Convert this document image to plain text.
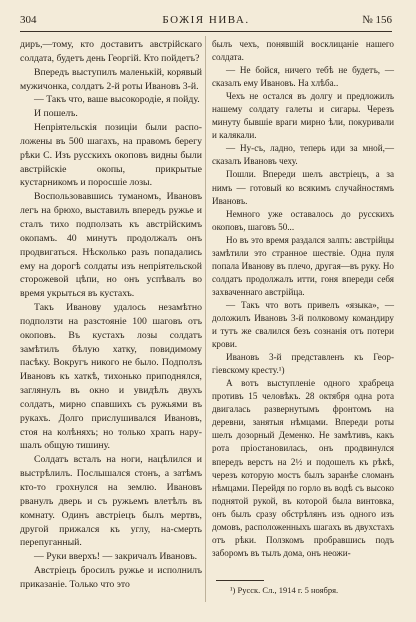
304	БОЖІЯ НИВА.	№ 156

диръ,—тому, кто доставитъ австрійскаго солдата, будетъ день Георгій. Кто пойдетъ?

Впередъ выступилъ маленькій, корявый мужичонка, солдатъ 2-й роты Ивановъ 3-й.

— Такъ что, ваше высокородіе, я пойду.

И пошелъ.

Непріятельскія позиціи были расположены въ 500 шагахъ, на правомъ берегу рѣки С. Изъ русскихъ окоповъ видны были австрійскіе окопы, прикрытые кустарникомъ и поросшіе лозы.

Воспользовавшись туманомъ, Ивановъ легъ на брюхо, выставилъ впередъ ружье и сталъ тихо подползать къ австрійскимъ окопамъ. 40 минутъ продолжалъ онъ продвигаться. Нѣсколько разъ попадались ему на дорогѣ солдаты изъ непріятельской сторожевой цѣпи, но онъ успѣвалъ во время укрыться въ кустахъ.

Такъ Иванову удалось незамѣтно подползти на разстояніе 100 шаговъ отъ окоповъ. Въ кустахъ лозы солдатъ замѣтилъ бѣлую хатку, повидимому пасѣку. Вокругъ никого не было. Подползъ Ивановъ къ хаткѣ, тихонько приподнялся, заглянулъ въ окно и увидѣлъ двухъ солдатъ, мирно спавшихъ съ ружьями въ рукахъ. Долго прислушивался Ивановъ, стоя на колѣняхъ; но только храпъ нарушалъ общую тишину.

Солдатъ всталъ на ноги, нацѣлился и выстрѣлилъ. Послышался стонъ, а затѣмъ кто-то грохнулся на землю. Ивановъ рванулъ дверь и съ ружьемъ влетѣлъ въ комнату. Одинъ австріецъ былъ мертвъ, другой прижался къ углу, на-смерть перепуганный.

— Руки вверхъ! — закричалъ Ивановъ.

Австріецъ бросилъ ружье и исполнилъ приказаніе. Только что это

былъ чехъ, понявшій восклицаніе нашего солдата.

— Не бойся, ничего тебѣ не будетъ, — сказалъ ему Ивановъ. На хлѣба..

Чехъ не остался въ долгу и предложилъ нашему солдату галеты и сигары. Черезъ минуту бывшіе враги мирно ѣли, покуривали и калякали.

— Ну-съ, ладно, теперь иди за мной,—сказалъ Ивановъ чеху.

Пошли. Впереди шелъ австріецъ, а за нимъ — готовый ко всякимъ случайностямъ Ивановъ.

Немного уже оставалось до русскихъ окоповъ, шаговъ 50...

Но въ это время раздался залпъ: австрійцы замѣтили это странное шествіе. Одна пуля попала Иванову въ плечо, другая—въ руку. Но солдатъ продолжалъ итти, гоня впереди себя захваченнаго австрійца.

— Такъ что вотъ привелъ «языка», —доложилъ Ивановъ 3-й полковому командиру и тутъ же свалился безъ сознанія отъ потери крови.

Ивановъ 3-й представленъ къ Георгіевскому кресту.¹)

А вотъ выступленіе одного храбреца противъ 15 человѣкъ. 28 октября одна рота двигалась развернутымъ фронтомъ на деревни, занятыя нѣмцами. Впереди роты шелъ дозорный Деменко. Не замѣтивъ, какъ рота пріостановилась, онъ продвинулся впередъ верстъ на 2½ и подошелъ къ рѣкѣ, черезъ которую мостъ былъ заранѣе сломанъ нѣмцами. Перейдя по горло въ водѣ съ высоко поднятой рукой, въ которой была винтовка, онъ былъ сразу обстрѣлянъ изъ одного изъ домовъ, расположенныхъ шагахъ въ двухстахъ отъ рѣки. Ползкомъ пробравшись подъ заборомъ въ тылъ дома, онъ неожи-

¹) Русск. Сл., 1914 г. 5 ноября.
